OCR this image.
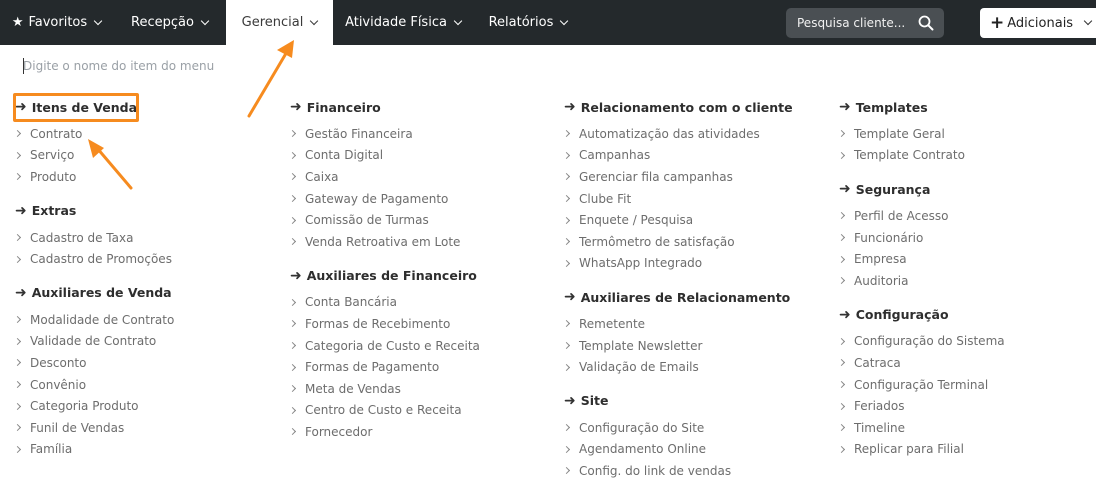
★ Favoritos	Recepção	Gerencial	Atividade Física	Relatórios	Pesquisa cliente...	+ Adicionais
Digite o nome do item do menu
➜ Itens de Venda
Contrato
Serviço
Produto
➜ Extras
Cadastro de Taxa
Cadastro de Promoções
➜ Auxiliares de Venda
Modalidade de Contrato
Validade de Contrato
Desconto
Convênio
Categoria Produto
Funil de Vendas
Família
➜ Financeiro
Gestão Financeira
Conta Digital
Caixa
Gateway de Pagamento
Comissão de Turmas
Venda Retroativa em Lote
➜ Auxiliares de Financeiro
Conta Bancária
Formas de Recebimento
Categoria de Custo e Receita
Formas de Pagamento
Meta de Vendas
Centro de Custo e Receita
Fornecedor
➜ Relacionamento com o cliente
Automatização das atividades
Campanhas
Gerenciar fila campanhas
Clube Fit
Enquete / Pesquisa
Termômetro de satisfação
WhatsApp Integrado
➜ Auxiliares de Relacionamento
Remetente
Template Newsletter
Validação de Emails
➜ Site
Configuração do Site
Agendamento Online
Config. do link de vendas
➜ Templates
Template Geral
Template Contrato
➜ Segurança
Perfil de Acesso
Funcionário
Empresa
Auditoria
➜ Configuração
Configuração do Sistema
Catraca
Configuração Terminal
Feriados
Timeline
Replicar para Filial
